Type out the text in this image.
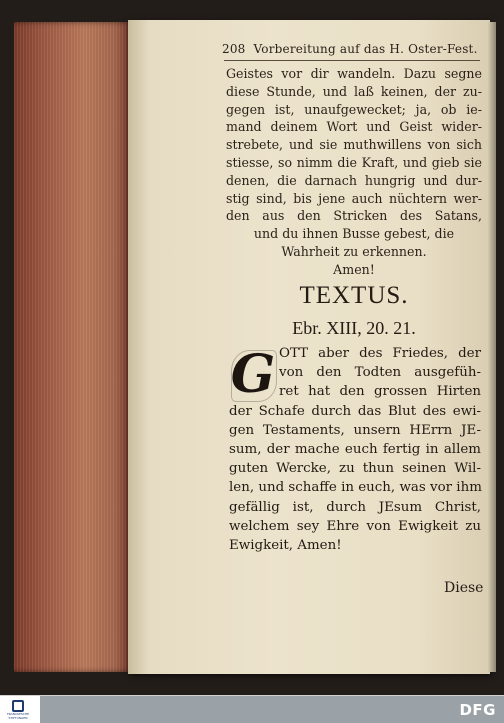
208 Vorbereitung auf das H. Oster-Fest.
Geistes vor dir wandeln. Dazu segne
diese Stunde, und laß keinen, der zu-
gegen ist, unaufgewecket; ja, ob ie-
mand deinem Wort und Geist wider-
strebete, und sie muthwillens von sich
stiesse, so nimm die Kraft, und gieb sie
denen, die darnach hungrig und dur-
stig sind, bis jene auch nüchtern wer-
den aus den Stricken des Satans,
und du ihnen Busse gebest, die
Wahrheit zu erkennen.
Amen!
TEXTUS.
Ebr. XIII, 20. 21.
G OTT aber des Friedes, der
von den Todten ausgefüh-
ret hat den grossen Hirten
der Schafe durch das Blut des ewi-
gen Testaments, unsern HErrn JE-
sum, der mache euch fertig in allem
guten Wercke, zu thun seinen Wil-
len, und schaffe in euch, was vor ihm
gefällig ist, durch JEsum Christ,
welchem sey Ehre von Ewigkeit zu
Ewigkeit, Amen!
Diese
FRANCKESCHE STIFTUNGEN	DFG
